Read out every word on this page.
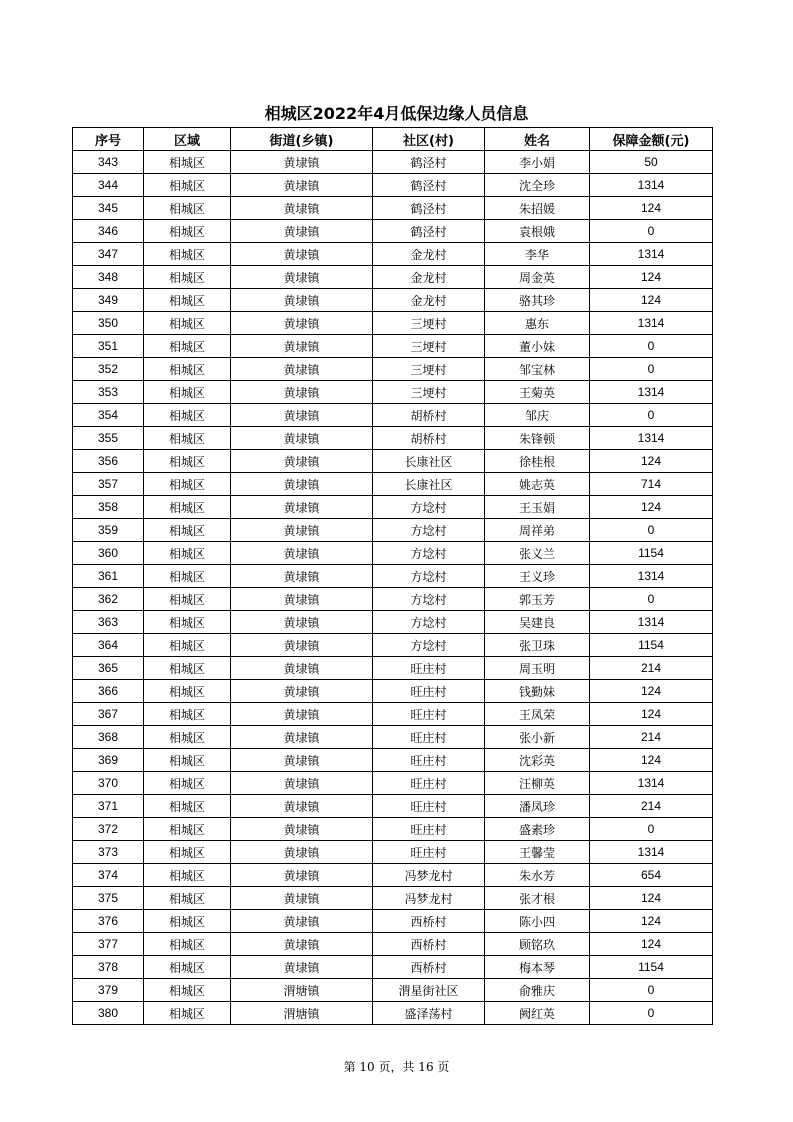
相城区2022年4月低保边缘人员信息
序号	区域	街道(乡镇)	社区(村)	姓名	保障金额(元)
343	相城区	黄埭镇	鹤泾村	李小娟	50
344	相城区	黄埭镇	鹤泾村	沈全珍	1314
345	相城区	黄埭镇	鹤泾村	朱招媛	124
346	相城区	黄埭镇	鹤泾村	袁根娥	0
347	相城区	黄埭镇	金龙村	李华	1314
348	相城区	黄埭镇	金龙村	周金英	124
349	相城区	黄埭镇	金龙村	骆其珍	124
350	相城区	黄埭镇	三埂村	惠东	1314
351	相城区	黄埭镇	三埂村	董小妹	0
352	相城区	黄埭镇	三埂村	邹宝林	0
353	相城区	黄埭镇	三埂村	王菊英	1314
354	相城区	黄埭镇	胡桥村	邹庆	0
355	相城区	黄埭镇	胡桥村	朱锋顿	1314
356	相城区	黄埭镇	长康社区	徐桂根	124
357	相城区	黄埭镇	长康社区	姚志英	714
358	相城区	黄埭镇	方埝村	王玉娟	124
359	相城区	黄埭镇	方埝村	周祥弟	0
360	相城区	黄埭镇	方埝村	张义兰	1154
361	相城区	黄埭镇	方埝村	王义珍	1314
362	相城区	黄埭镇	方埝村	郭玉芳	0
363	相城区	黄埭镇	方埝村	吴建良	1314
364	相城区	黄埭镇	方埝村	张卫珠	1154
365	相城区	黄埭镇	旺庄村	周玉明	214
366	相城区	黄埭镇	旺庄村	钱勤妹	124
367	相城区	黄埭镇	旺庄村	王凤荣	124
368	相城区	黄埭镇	旺庄村	张小新	214
369	相城区	黄埭镇	旺庄村	沈彩英	124
370	相城区	黄埭镇	旺庄村	汪柳英	1314
371	相城区	黄埭镇	旺庄村	潘凤珍	214
372	相城区	黄埭镇	旺庄村	盛素珍	0
373	相城区	黄埭镇	旺庄村	王馨莹	1314
374	相城区	黄埭镇	冯梦龙村	朱水芳	654
375	相城区	黄埭镇	冯梦龙村	张才根	124
376	相城区	黄埭镇	西桥村	陈小四	124
377	相城区	黄埭镇	西桥村	顾铭玖	124
378	相城区	黄埭镇	西桥村	梅本琴	1154
379	相城区	渭塘镇	渭星街社区	俞雅庆	0
380	相城区	渭塘镇	盛泽荡村	阙红英	0
第 10 页，共 16 页
